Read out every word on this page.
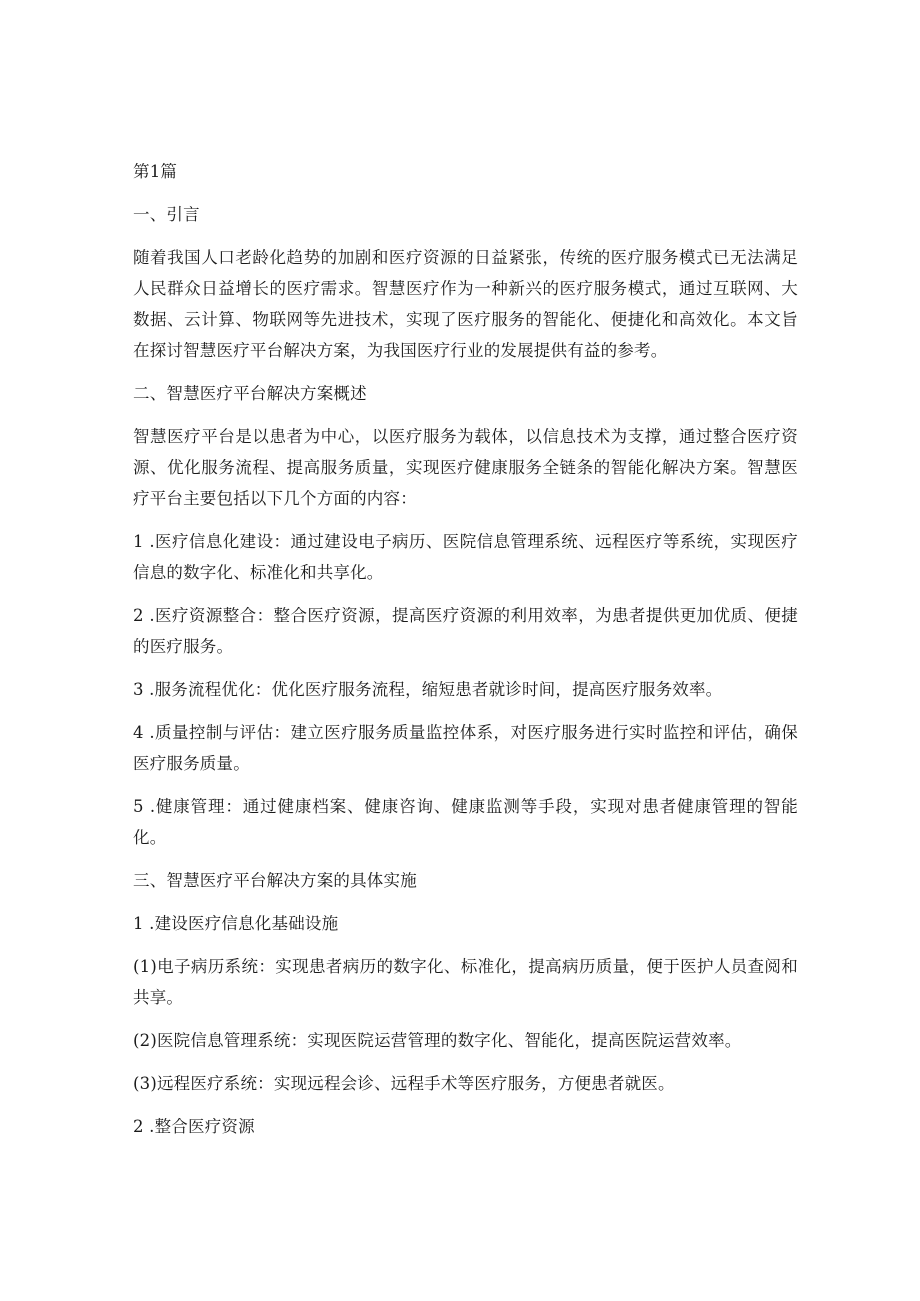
第1篇

一、引言

随着我国人口老龄化趋势的加剧和医疗资源的日益紧张，传统的医疗服务模式已无法满足人民群众日益增长的医疗需求。智慧医疗作为一种新兴的医疗服务模式，通过互联网、大数据、云计算、物联网等先进技术，实现了医疗服务的智能化、便捷化和高效化。本文旨在探讨智慧医疗平台解决方案，为我国医疗行业的发展提供有益的参考。

二、智慧医疗平台解决方案概述

智慧医疗平台是以患者为中心，以医疗服务为载体，以信息技术为支撑，通过整合医疗资源、优化服务流程、提高服务质量，实现医疗健康服务全链条的智能化解决方案。智慧医疗平台主要包括以下几个方面的内容：

1 .医疗信息化建设：通过建设电子病历、医院信息管理系统、远程医疗等系统，实现医疗信息的数字化、标准化和共享化。

2 .医疗资源整合：整合医疗资源，提高医疗资源的利用效率，为患者提供更加优质、便捷的医疗服务。

3 .服务流程优化：优化医疗服务流程，缩短患者就诊时间，提高医疗服务效率。

4 .质量控制与评估：建立医疗服务质量监控体系，对医疗服务进行实时监控和评估，确保医疗服务质量。

5 .健康管理：通过健康档案、健康咨询、健康监测等手段，实现对患者健康管理的智能化。

三、智慧医疗平台解决方案的具体实施

1 .建设医疗信息化基础设施

(1)电子病历系统：实现患者病历的数字化、标准化，提高病历质量，便于医护人员查阅和共享。

(2)医院信息管理系统：实现医院运营管理的数字化、智能化，提高医院运营效率。

(3)远程医疗系统：实现远程会诊、远程手术等医疗服务，方便患者就医。

2 .整合医疗资源
